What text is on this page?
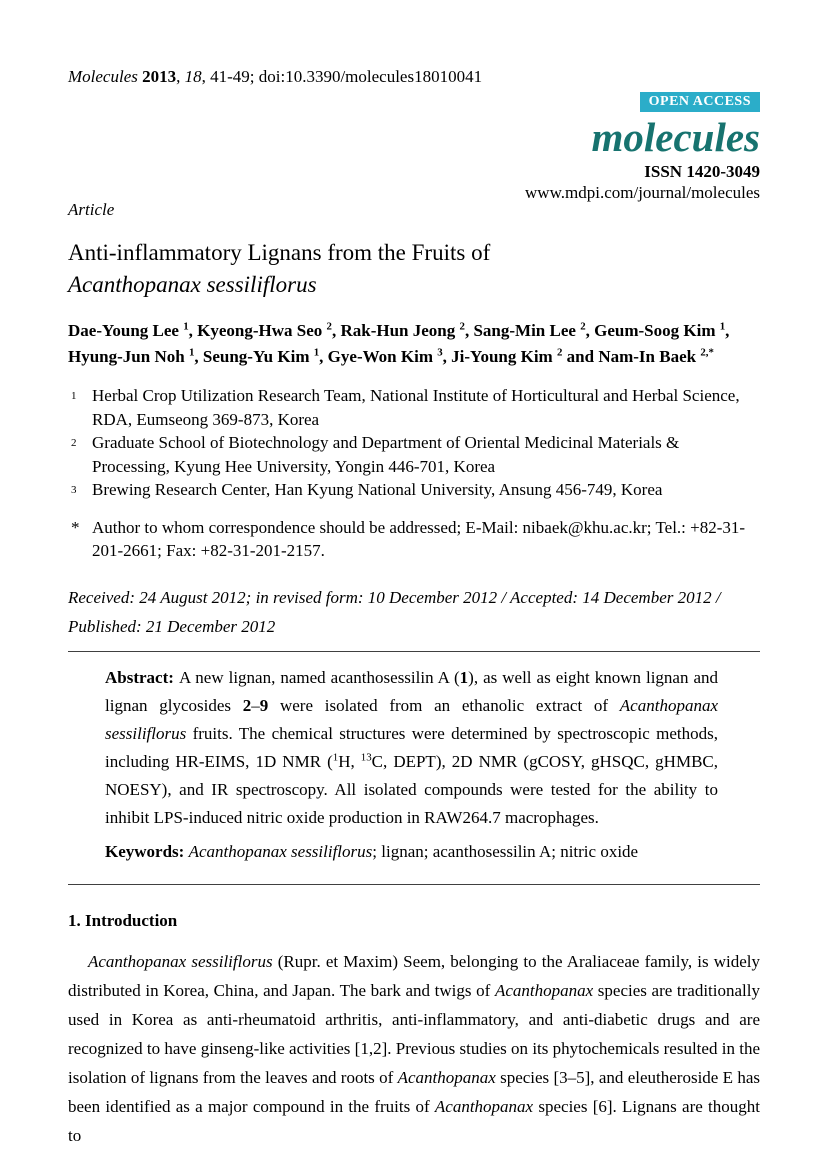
Molecules 2013, 18, 41-49; doi:10.3390/molecules18010041
OPEN ACCESS
molecules
ISSN 1420-3049
www.mdpi.com/journal/molecules
Article
Anti-inflammatory Lignans from the Fruits of
Acanthopanax sessiliflorus
Dae-Young Lee $^1$, Kyeong-Hwa Seo $^2$, Rak-Hun Jeong $^2$, Sang-Min Lee $^2$, Geum-Soog Kim $^1$, Hyung-Jun Noh $^1$, Seung-Yu Kim $^1$, Gye-Won Kim $^3$, Ji-Young Kim $^2$ and Nam-In Baek $^{2,*}$
1 Herbal Crop Utilization Research Team, National Institute of Horticultural and Herbal Science, RDA, Eumseong 369-873, Korea
2 Graduate School of Biotechnology and Department of Oriental Medicinal Materials & Processing, Kyung Hee University, Yongin 446-701, Korea
3 Brewing Research Center, Han Kyung National University, Ansung 456-749, Korea
* Author to whom correspondence should be addressed; E-Mail: nibaek@khu.ac.kr; Tel.: +82-31-201-2661; Fax: +82-31-201-2157.
Received: 24 August 2012; in revised form: 10 December 2012 / Accepted: 14 December 2012 / Published: 21 December 2012

Abstract: A new lignan, named acanthosessilin A (1), as well as eight known lignan and lignan glycosides 2–9 were isolated from an ethanolic extract of Acanthopanax sessiliflorus fruits. The chemical structures were determined by spectroscopic methods, including HR-EIMS, 1D NMR ($^1$H, $^{13}$C, DEPT), 2D NMR (gCOSY, gHSQC, gHMBC, NOESY), and IR spectroscopy. All isolated compounds were tested for the ability to inhibit LPS-induced nitric oxide production in RAW264.7 macrophages.

Keywords: Acanthopanax sessiliflorus; lignan; acanthosessilin A; nitric oxide

1. Introduction

Acanthopanax sessiliflorus (Rupr. et Maxim) Seem, belonging to the Araliaceae family, is widely distributed in Korea, China, and Japan. The bark and twigs of Acanthopanax species are traditionally used in Korea as anti-rheumatoid arthritis, anti-inflammatory, and anti-diabetic drugs and are recognized to have ginseng-like activities [1,2]. Previous studies on its phytochemicals resulted in the isolation of lignans from the leaves and roots of Acanthopanax species [3–5], and eleutheroside E has been identified as a major compound in the fruits of Acanthopanax species [6]. Lignans are thought to
